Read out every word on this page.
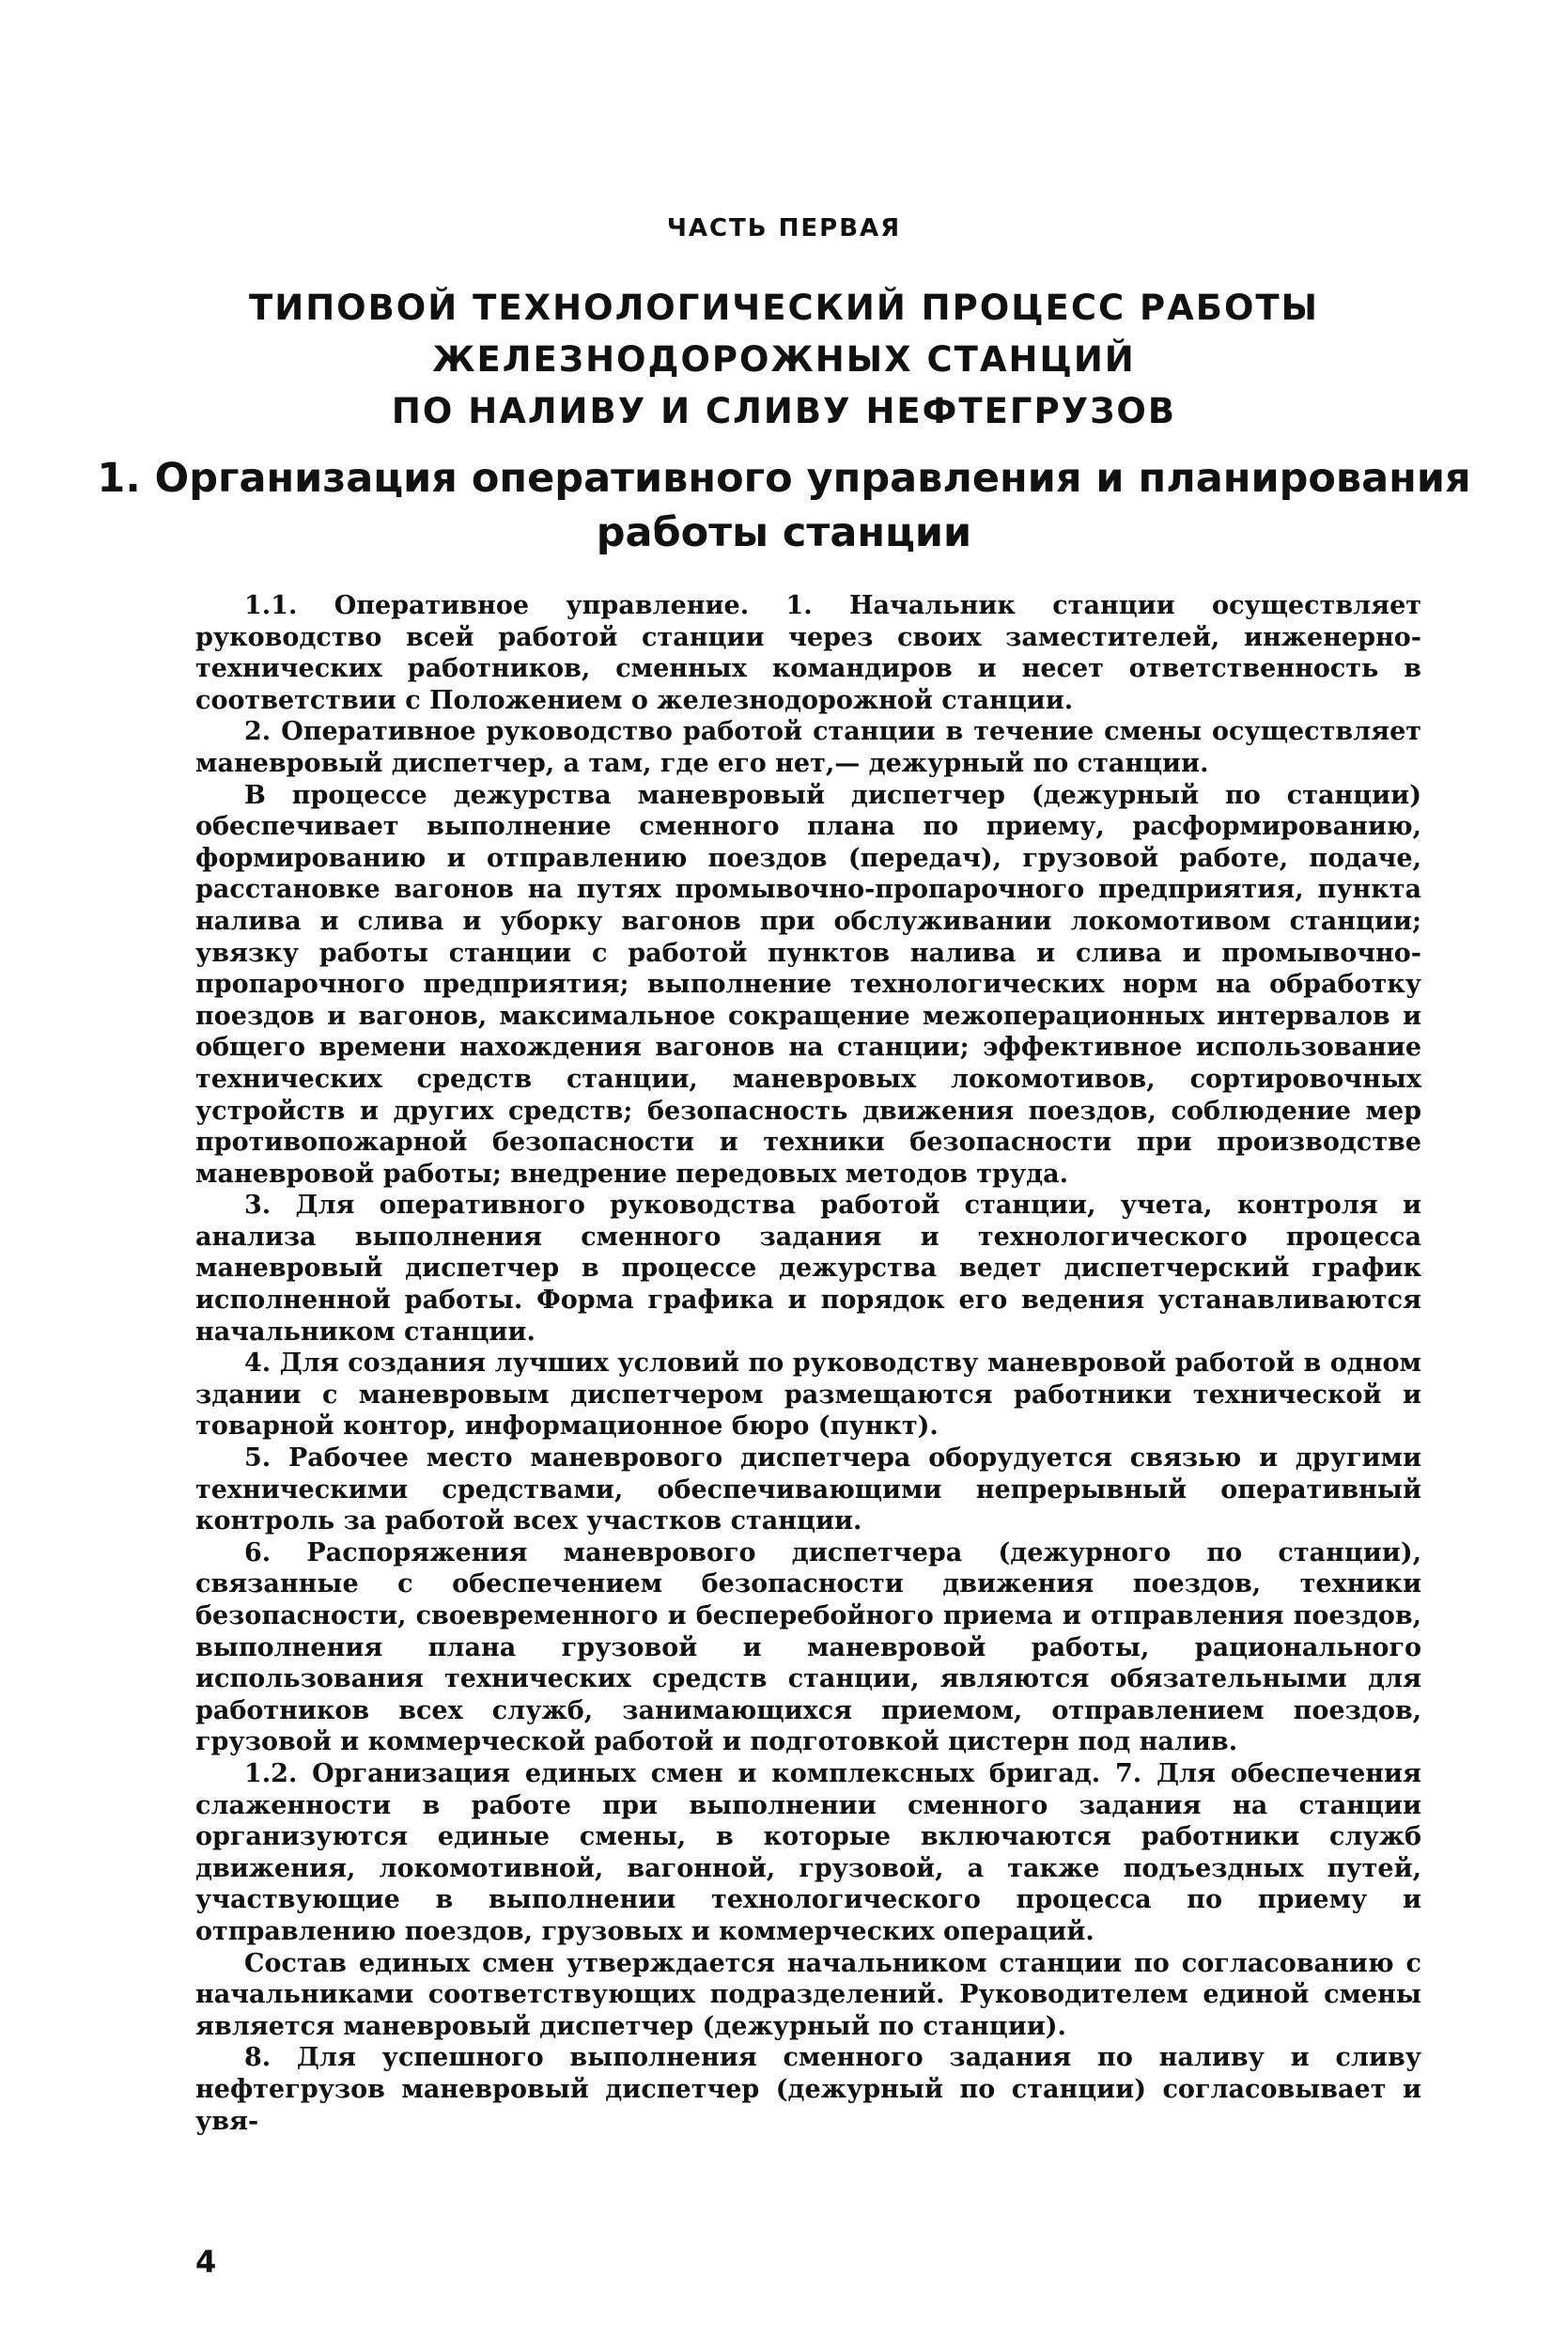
ЧАСТЬ ПЕРВАЯ
ТИПОВОЙ ТЕХНОЛОГИЧЕСКИЙ ПРОЦЕСС РАБОТЫ
ЖЕЛЕЗНОДОРОЖНЫХ СТАНЦИЙ
ПО НАЛИВУ И СЛИВУ НЕФТЕГРУЗОВ
1. Организация оперативного управления и планирования
работы станции

1.1. Оперативное управление. 1. Начальник станции осуществляет руководство всей работой станции через своих заместителей, инженерно-технических работников, сменных командиров и несет ответственность в соответствии с Положением о железнодорожной станции.

2. Оперативное руководство работой станции в течение смены осуществляет маневровый диспетчер, а там, где его нет,— дежурный по станции.

В процессе дежурства маневровый диспетчер (дежурный по станции) обеспечивает выполнение сменного плана по приему, расформированию, формированию и отправлению поездов (передач), грузовой работе, подаче, расстановке вагонов на путях промывочно-пропарочного предприятия, пункта налива и слива и уборку вагонов при обслуживании локомотивом станции; увязку работы станции с работой пунктов налива и слива и промывочно-пропарочного предприятия; выполнение технологических норм на обработку поездов и вагонов, максимальное сокращение межоперационных интервалов и общего времени нахождения вагонов на станции; эффективное использование технических средств станции, маневровых локомотивов, сортировочных устройств и других средств; безопасность движения поездов, соблюдение мер противопожарной безопасности и техники безопасности при производстве маневровой работы; внедрение передовых методов труда.

3. Для оперативного руководства работой станции, учета, контроля и анализа выполнения сменного задания и технологического процесса маневровый диспетчер в процессе дежурства ведет диспетчерский график исполненной работы. Форма графика и порядок его ведения устанавливаются начальником станции.

4. Для создания лучших условий по руководству маневровой работой в одном здании с маневровым диспетчером размещаются работники технической и товарной контор, информационное бюро (пункт).

5. Рабочее место маневрового диспетчера оборудуется связью и другими техническими средствами, обеспечивающими непрерывный оперативный контроль за работой всех участков станции.

6. Распоряжения маневрового диспетчера (дежурного по станции), связанные с обеспечением безопасности движения поездов, техники безопасности, своевременного и бесперебойного приема и отправления поездов, выполнения плана грузовой и маневровой работы, рационального использования технических средств станции, являются обязательными для работников всех служб, занимающихся приемом, отправлением поездов, грузовой и коммерческой работой и подготовкой цистерн под налив.

1.2. Организация единых смен и комплексных бригад. 7. Для обеспечения слаженности в работе при выполнении сменного задания на станции организуются единые смены, в которые включаются работники служб движения, локомотивной, вагонной, грузовой, а также подъездных путей, участвующие в выполнении технологического процесса по приему и отправлению поездов, грузовых и коммерческих операций.

Состав единых смен утверждается начальником станции по согласованию с начальниками соответствующих подразделений. Руководителем единой смены является маневровый диспетчер (дежурный по станции).

8. Для успешного выполнения сменного задания по наливу и сливу нефтегрузов маневровый диспетчер (дежурный по станции) согласовывает и увя-

4
